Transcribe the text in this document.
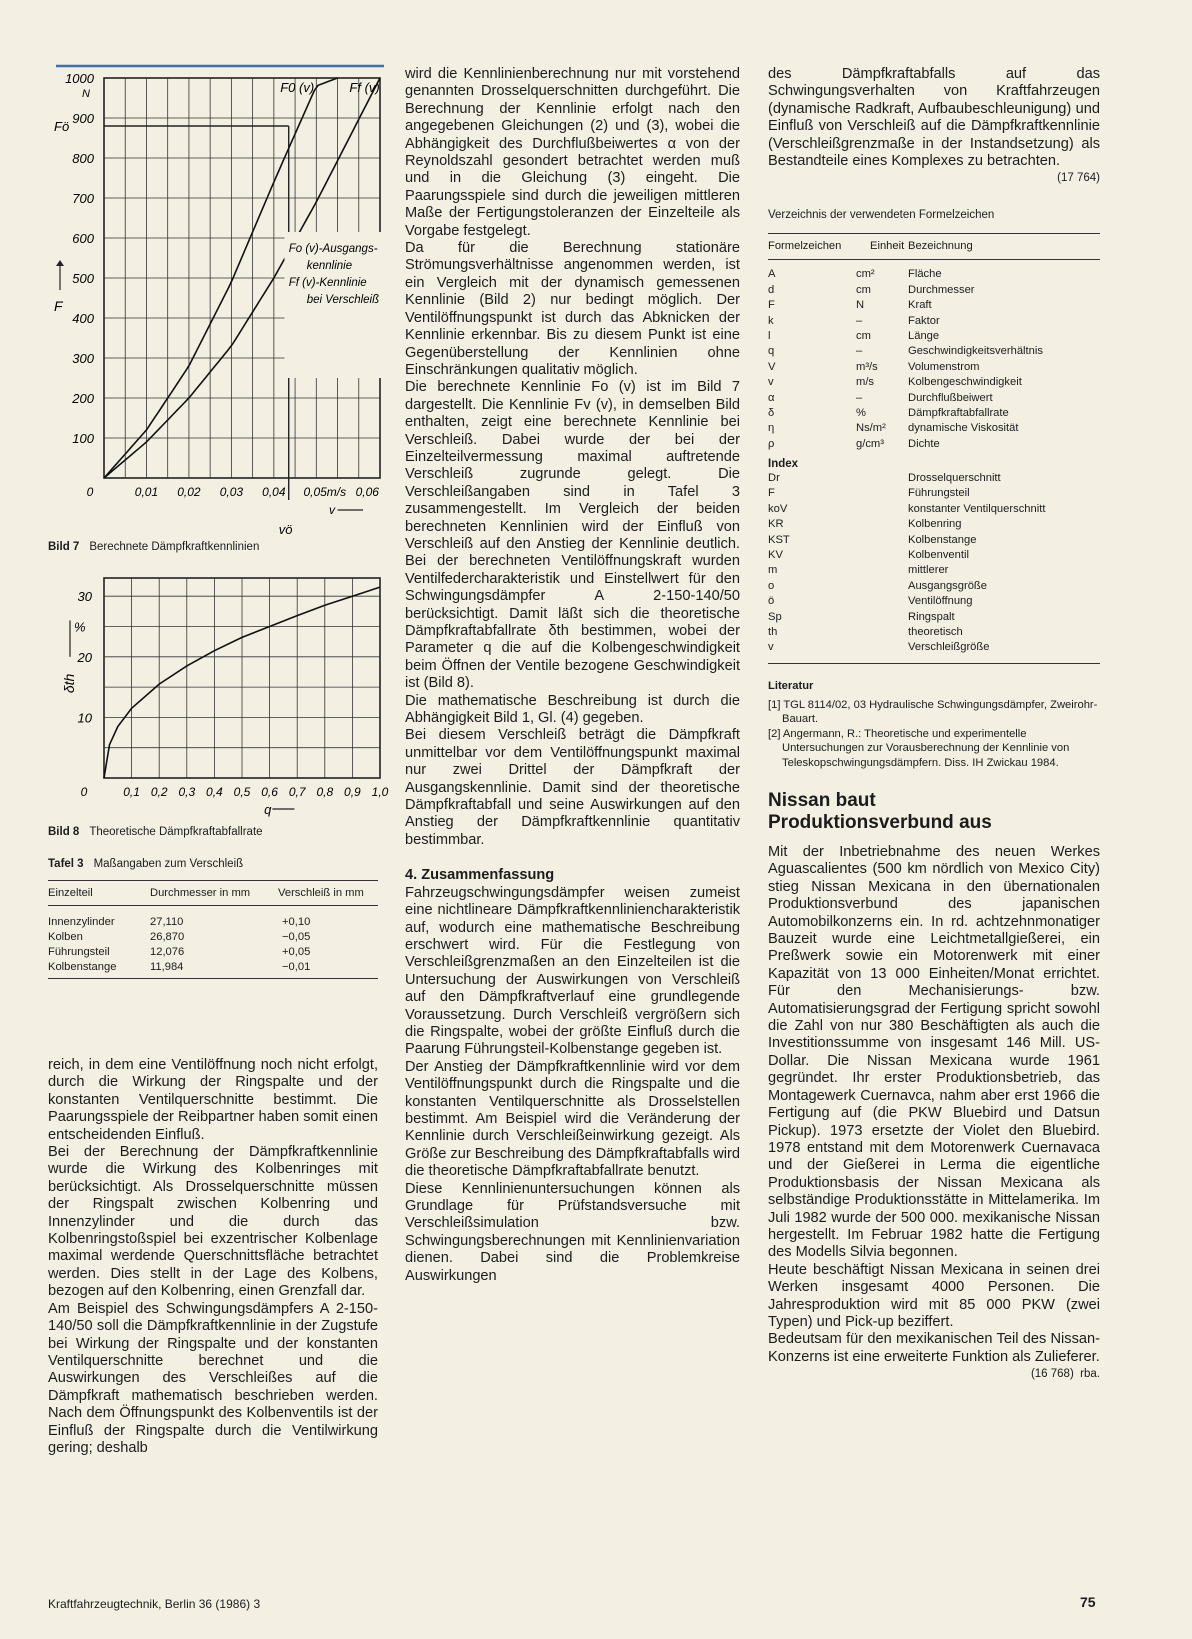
100
200
300
400
500
600
700
800
900
1000
N
Fö
F
0	0,01 0,02 0,03 0,04 0,05m/s 0,06
v
vö
F0 (v)	Ff (v)
Fo (v)-Ausgangs-
kennlinie
Ff (v)-Kennlinie
bei Verschleiß
Bild 7 Berechnete Dämpfkraftkennlinien
10
20
30
%
δth
0	0,1 0,2 0,3 0,4 0,5 0,6 0,7 0,8 0,9 1,0
q
Bild 8 Theoretische Dämpfkraftabfallrate
Tafel 3 Maßangaben zum Verschleiß
Einzelteil	Durchmesser in mm	Verschleiß in mm
Innenzylinder	27,110	+0,10
Kolben	26,870	−0,05
Führungsteil	12,076	+0,05
Kolbenstange	11,984	−0,01

reich, in dem eine Ventilöffnung noch nicht erfolgt, durch die Wirkung der Ringspalte und der konstanten Ventilquerschnitte bestimmt. Die Paarungsspiele der Reibpartner haben somit einen entscheidenden Einfluß.

Bei der Berechnung der Dämpfkraftkennlinie wurde die Wirkung des Kolbenringes mit berücksichtigt. Als Drosselquerschnitte müssen der Ringspalt zwischen Kolbenring und Innenzylinder und die durch das Kolbenringstoßspiel bei exzentrischer Kolbenlage maximal werdende Querschnittsfläche betrachtet werden. Dies stellt in der Lage des Kolbens, bezogen auf den Kolbenring, einen Grenzfall dar.

Am Beispiel des Schwingungsdämpfers A 2-150-140/50 soll die Dämpfkraftkennlinie in der Zugstufe bei Wirkung der Ringspalte und der konstanten Ventilquerschnitte berechnet und die Auswirkungen des Verschleißes auf die Dämpfkraft mathematisch beschrieben werden. Nach dem Öffnungspunkt des Kolbenventils ist der Einfluß der Ringspalte durch die Ventilwirkung gering; deshalb

wird die Kennlinienberechnung nur mit vorstehend genannten Drosselquerschnitten durchgeführt. Die Berechnung der Kennlinie erfolgt nach den angegebenen Gleichungen (2) und (3), wobei die Abhängigkeit des Durchflußbeiwertes α von der Reynoldszahl gesondert betrachtet werden muß und in die Gleichung (3) eingeht. Die Paarungsspiele sind durch die jeweiligen mittleren Maße der Fertigungstoleranzen der Einzelteile als Vorgabe festgelegt.

Da für die Berechnung stationäre Strömungsverhältnisse angenommen werden, ist ein Vergleich mit der dynamisch gemessenen Kennlinie (Bild 2) nur bedingt möglich. Der Ventilöffnungspunkt ist durch das Abknicken der Kennlinie erkennbar. Bis zu diesem Punkt ist eine Gegenüberstellung der Kennlinien ohne Einschränkungen qualitativ möglich.

Die berechnete Kennlinie Fo (v) ist im Bild 7 dargestellt. Die Kennlinie Fv (v), in demselben Bild enthalten, zeigt eine berechnete Kennlinie bei Verschleiß. Dabei wurde der bei der Einzelteilvermessung maximal auftretende Verschleiß zugrunde gelegt. Die Verschleißangaben sind in Tafel 3 zusammengestellt. Im Vergleich der beiden berechneten Kennlinien wird der Einfluß von Verschleiß auf den Anstieg der Kennlinie deutlich. Bei der berechneten Ventilöffnungskraft wurden Ventilfedercharakteristik und Einstellwert für den Schwingungsdämpfer A 2-150-140/50 berücksichtigt. Damit läßt sich die theoretische Dämpfkraftabfallrate δth bestimmen, wobei der Parameter q die auf die Kolbengeschwindigkeit beim Öffnen der Ventile bezogene Geschwindigkeit ist (Bild 8).

Die mathematische Beschreibung ist durch die Abhängigkeit Bild 1, Gl. (4) gegeben.

Bei diesem Verschleiß beträgt die Dämpfkraft unmittelbar vor dem Ventilöffnungspunkt maximal nur zwei Drittel der Dämpfkraft der Ausgangskennlinie. Damit sind der theoretische Dämpfkraftabfall und seine Auswirkungen auf den Anstieg der Dämpfkraftkennlinie quantitativ bestimmbar.

4. Zusammenfassung

Fahrzeugschwingungsdämpfer weisen zumeist eine nichtlineare Dämpfkraftkennliniencharakteristik auf, wodurch eine mathematische Beschreibung erschwert wird. Für die Festlegung von Verschleißgrenzmaßen an den Einzelteilen ist die Untersuchung der Auswirkungen von Verschleiß auf den Dämpfkraftverlauf eine grundlegende Voraussetzung. Durch Verschleiß vergrößern sich die Ringspalte, wobei der größte Einfluß durch die Paarung Führungsteil-Kolbenstange gegeben ist.

Der Anstieg der Dämpfkraftkennlinie wird vor dem Ventilöffnungspunkt durch die Ringspalte und die konstanten Ventilquerschnitte als Drosselstellen bestimmt. Am Beispiel wird die Veränderung der Kennlinie durch Verschleißeinwirkung gezeigt. Als Größe zur Beschreibung des Dämpfkraftabfalls wird die theoretische Dämpfkraftabfallrate benutzt.

Diese Kennlinienuntersuchungen können als Grundlage für Prüfstandsversuche mit Verschleißsimulation bzw. Schwingungsberechnungen mit Kennlinienvariation dienen. Dabei sind die Problemkreise Auswirkungen

des Dämpfkraftabfalls auf das Schwingungsverhalten von Kraftfahrzeugen (dynamische Radkraft, Aufbaubeschleunigung) und Einfluß von Verschleiß auf die Dämpfkraftkennlinie (Verschleißgrenzmaße in der Instandsetzung) als Bestandteile eines Komplexes zu betrachten.
(17 764)

Verzeichnis der verwendeten Formelzeichen
Formelzeichen	Einheit	Bezeichnung
A	cm²	Fläche
d	cm	Durchmesser
F	N	Kraft
k	–	Faktor
l	cm	Länge
q	–	Geschwindigkeitsverhältnis
V	m³/s	Volumenstrom
v	m/s	Kolbengeschwindigkeit
α	–	Durchflußbeiwert
δ	%	Dämpfkraftabfallrate
η	Ns/m²	dynamische Viskosität
ρ	g/cm³	Dichte
Index
Dr	Drosselquerschnitt
F	Führungsteil
koV	konstanter Ventilquerschnitt
KR	Kolbenring
KST	Kolbenstange
KV	Kolbenventil
m	mittlerer
o	Ausgangsgröße
ö	Ventilöffnung
Sp	Ringspalt
th	theoretisch
v	Verschleißgröße
Literatur
[1] TGL 8114/02, 03 Hydraulische Schwingungsdämpfer, Zweirohr-Bauart.
[2] Angermann, R.: Theoretische und experimentelle Untersuchungen zur Vorausberechnung der Kennlinie von Teleskopschwingungsdämpfern. Diss. IH Zwickau 1984.
Nissan baut Produktionsverbund aus

Mit der Inbetriebnahme des neuen Werkes Aguascalientes (500 km nördlich von Mexico City) stieg Nissan Mexicana in den übernationalen Produktionsverbund des japanischen Automobilkonzerns ein. In rd. achtzehnmonatiger Bauzeit wurde eine Leichtmetallgießerei, ein Preßwerk sowie ein Motorenwerk mit einer Kapazität von 13 000 Einheiten/Monat errichtet. Für den Mechanisierungs- bzw. Automatisierungsgrad der Fertigung spricht sowohl die Zahl von nur 380 Beschäftigten als auch die Investitionssumme von insgesamt 146 Mill. US-Dollar. Die Nissan Mexicana wurde 1961 gegründet. Ihr erster Produktionsbetrieb, das Montagewerk Cuernavca, nahm aber erst 1966 die Fertigung auf (die PKW Bluebird und Datsun Pickup). 1973 ersetzte der Violet den Bluebird. 1978 entstand mit dem Motorenwerk Cuernavaca und der Gießerei in Lerma die eigentliche Produktionsbasis der Nissan Mexicana als selbständige Produktionsstätte in Mittelamerika. Im Juli 1982 wurde der 500 000. mexikanische Nissan hergestellt. Im Februar 1982 hatte die Fertigung des Modells Silvia begonnen.

Heute beschäftigt Nissan Mexicana in seinen drei Werken insgesamt 4000 Personen. Die Jahresproduktion wird mit 85 000 PKW (zwei Typen) und Pick-up beziffert.

Bedeutsam für den mexikanischen Teil des Nissan-Konzerns ist eine erweiterte Funktion als Zulieferer.
(16 768) rba.

Kraftfahrzeugtechnik, Berlin 36 (1986) 3	75
